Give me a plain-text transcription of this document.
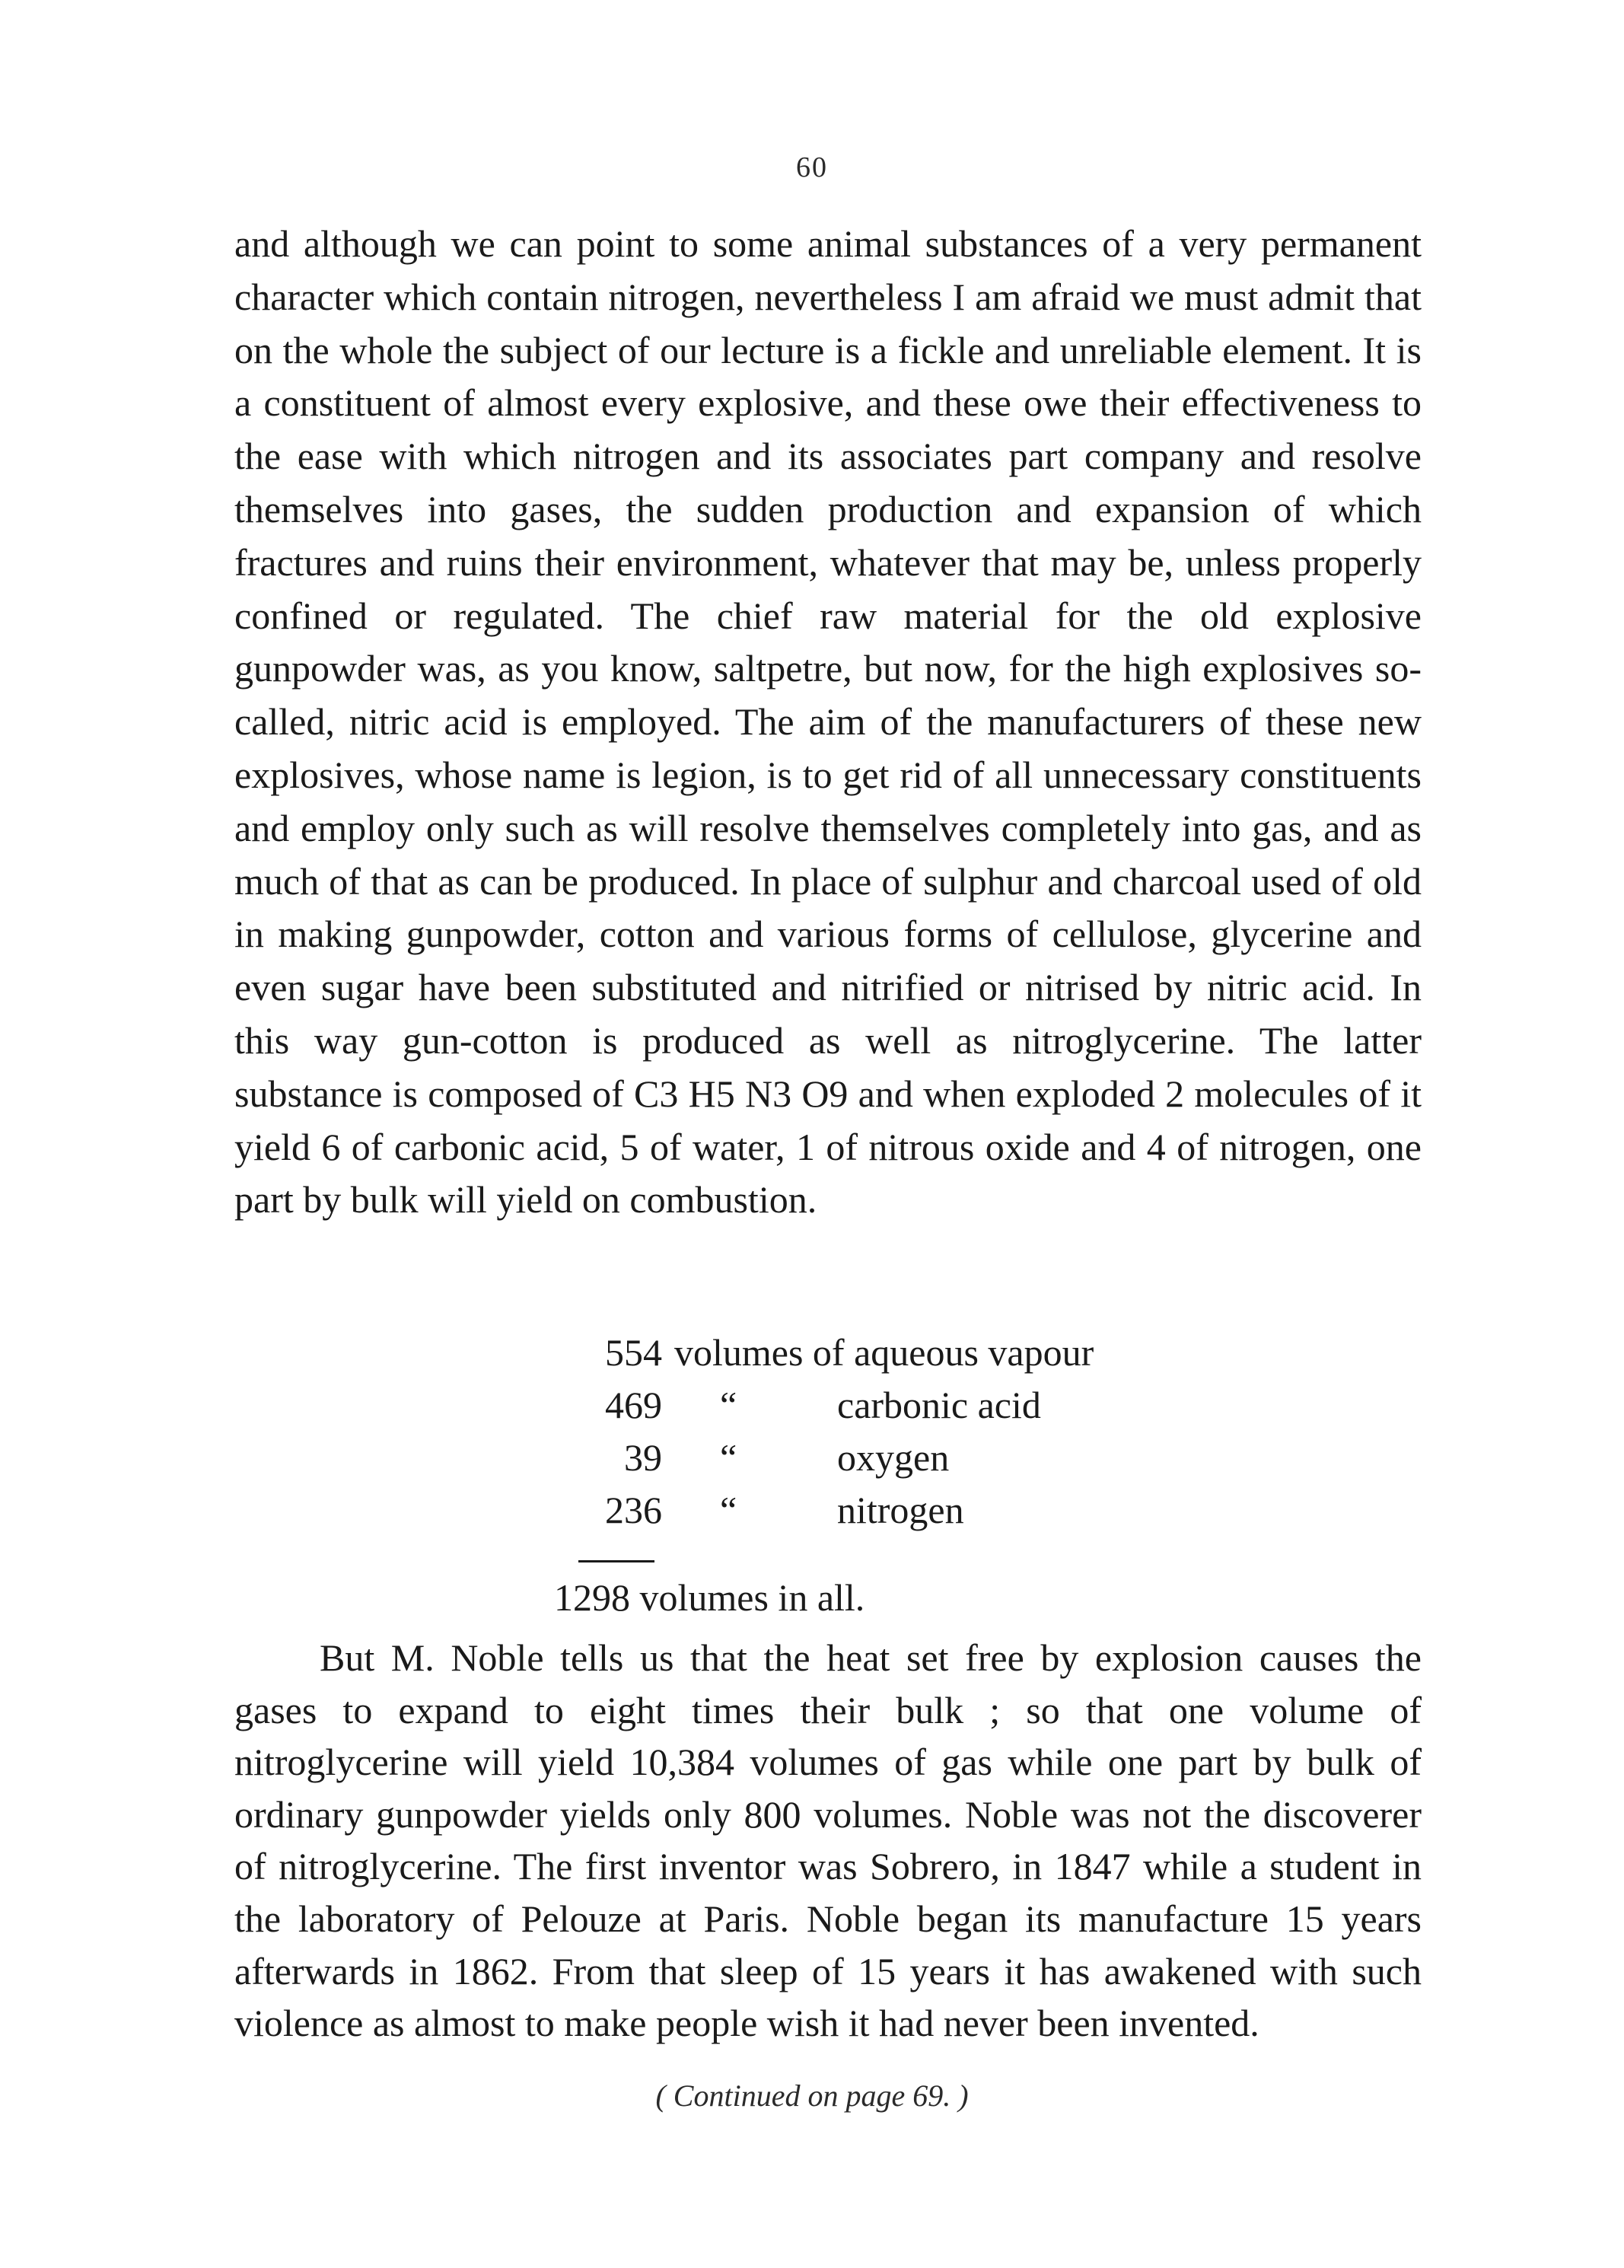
60

and although we can point to some animal substances of a very permanent character which contain nitrogen, nevertheless I am afraid we must admit that on the whole the subject of our lecture is a fickle and unreliable element. It is a constituent of almost every explosive, and these owe their effectiveness to the ease with which nitrogen and its associates part company and resolve themselves into gases, the sudden production and expansion of which fractures and ruins their environment, whatever that may be, unless properly confined or regulated. The chief raw material for the old explosive gunpowder was, as you know, saltpetre, but now, for the high explosives so-called, nitric acid is employed. The aim of the manufacturers of these new explosives, whose name is legion, is to get rid of all unnecessary constituents and employ only such as will resolve themselves completely into gas, and as much of that as can be produced. In place of sulphur and charcoal used of old in making gunpowder, cotton and various forms of cellulose, glycerine and even sugar have been substituted and nitrified or nitrised by nitric acid. In this way gun-cotton is produced as well as nitroglycerine. The latter substance is composed of C3 H5 N3 O9 and when exploded 2 molecules of it yield 6 of carbonic acid, 5 of water, 1 of nitrous oxide and 4 of nitrogen, one part by bulk will yield on combustion.

554 volumes of aqueous vapour
469 “	carbonic acid
39 “	oxygen
236 “	nitrogen
1298 volumes in all.

But M. Noble tells us that the heat set free by explosion causes the gases to expand to eight times their bulk ; so that one volume of nitroglycerine will yield 10,384 volumes of gas while one part by bulk of ordinary gunpowder yields only 800 volumes. Noble was not the discoverer of nitroglycerine. The first inventor was Sobrero, in 1847 while a student in the laboratory of Pelouze at Paris. Noble began its manufacture 15 years afterwards in 1862. From that sleep of 15 years it has awakened with such violence as almost to make people wish it had never been invented.

( Continued on page 69. )
